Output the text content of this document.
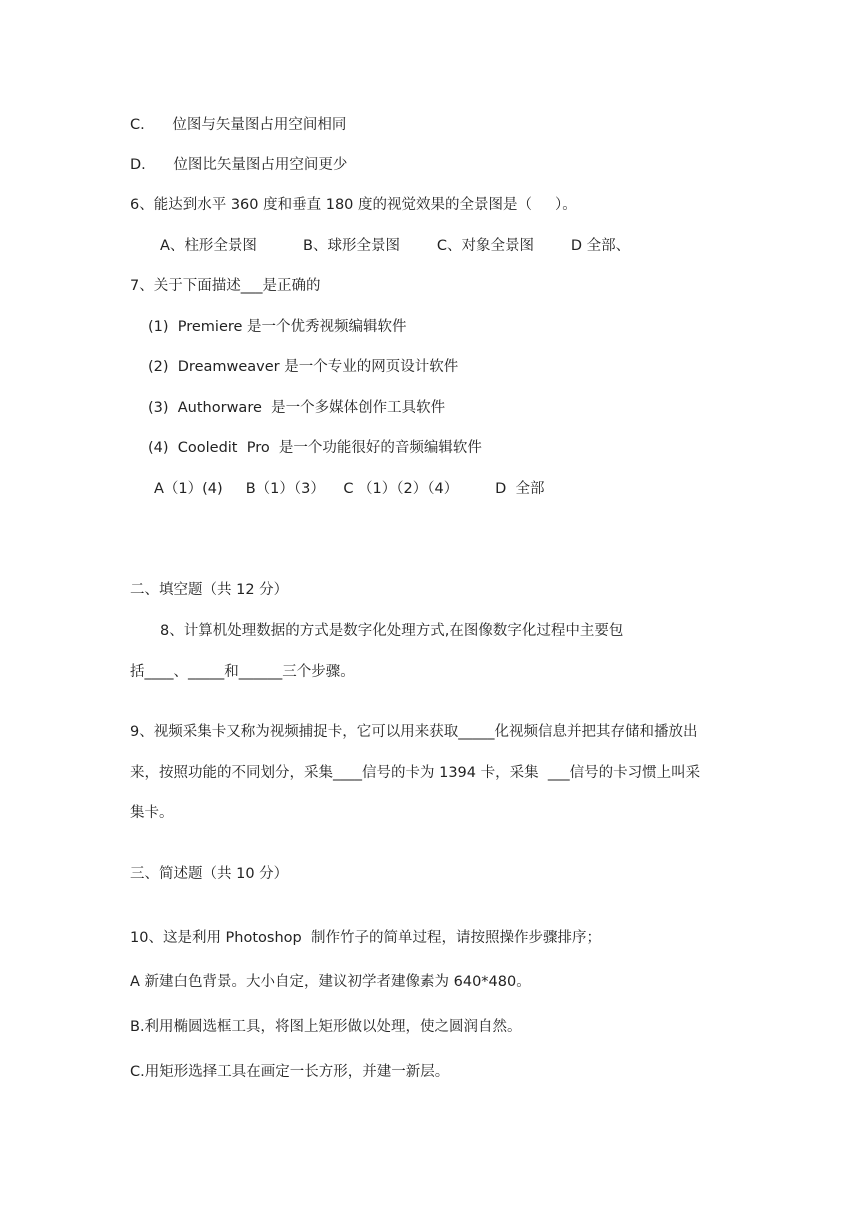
C.      位图与矢量图占用空间相同
D.      位图比矢量图占用空间更少
6、能达到水平 360 度和垂直 180 度的视觉效果的全景图是（     ）。
A、柱形全景图          B、球形全景图        C、对象全景图        D 全部、
7、关于下面描述___是正确的
(1)  Premiere 是一个优秀视频编辑软件
(2)  Dreamweaver 是一个专业的网页设计软件
(3)  Authorware  是一个多媒体创作工具软件
(4)  Cooledit  Pro  是一个功能很好的音频编辑软件
A（1）(4)     B（1）（3）    C （1）（2）（4）        D  全部
二、填空题（共 12 分）
8、计算机处理数据的方式是数字化处理方式,在图像数字化过程中主要包
括____、_____和______三个步骤。
9、视频采集卡又称为视频捕捉卡，它可以用来获取_____化视频信息并把其存储和播放出
来，按照功能的不同划分，采集____信号的卡为 1394 卡，采集  ___信号的卡习惯上叫采
集卡。
三、简述题（共 10 分）
10、这是利用 Photoshop  制作竹子的简单过程，请按照操作步骤排序；
A 新建白色背景。大小自定，建议初学者建像素为 640*480。
B.利用椭圆选框工具，将图上矩形做以处理，使之圆润自然。
C.用矩形选择工具在画定一长方形，并建一新层。
